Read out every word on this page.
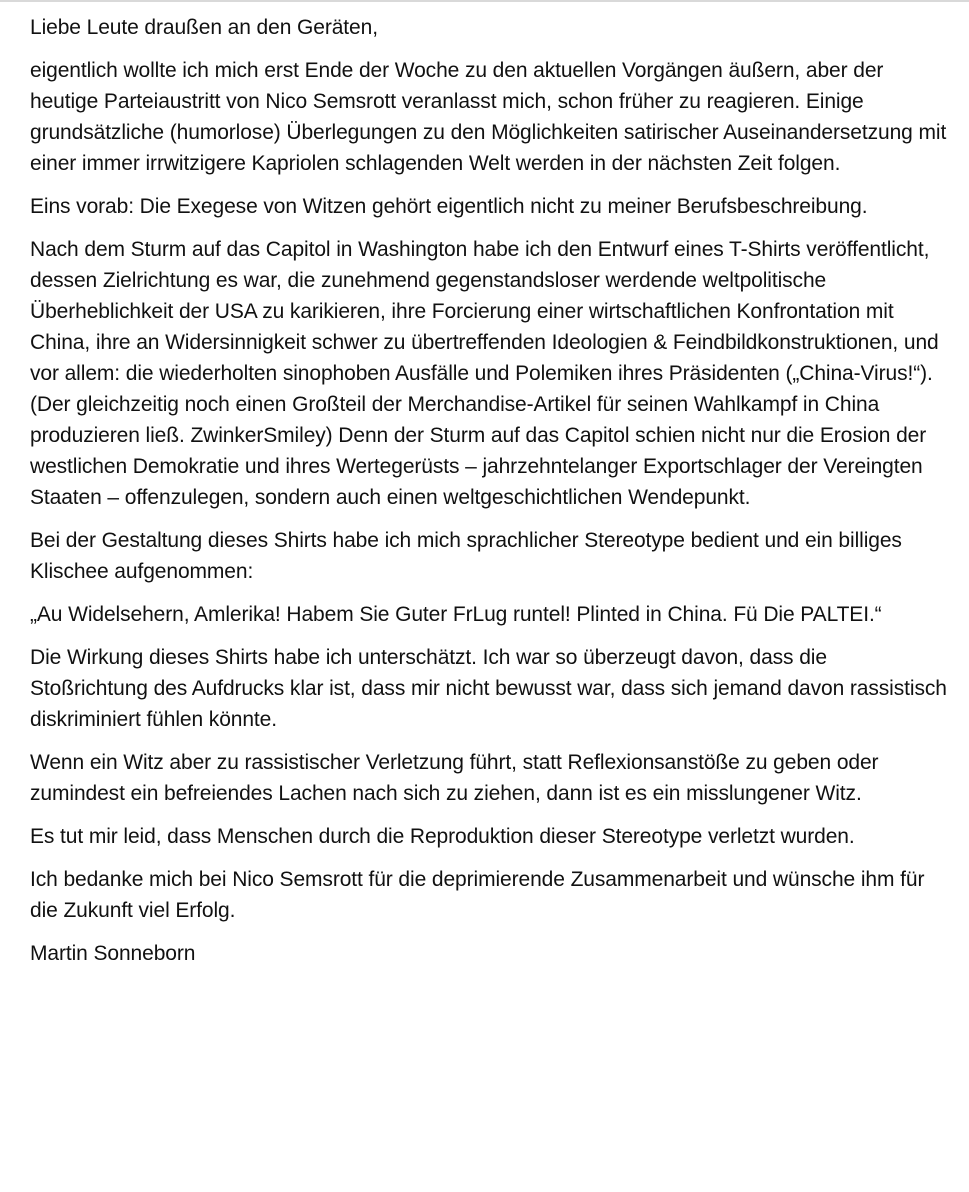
Liebe Leute draußen an den Geräten,

eigentlich wollte ich mich erst Ende der Woche zu den aktuellen Vorgängen äußern, aber der heutige Parteiaustritt von Nico Semsrott veranlasst mich, schon früher zu reagieren. Einige grundsätzliche (humorlose) Überlegungen zu den Möglichkeiten satirischer Auseinandersetzung mit einer immer irrwitzigere Kapriolen schlagenden Welt werden in der nächsten Zeit folgen.

Eins vorab: Die Exegese von Witzen gehört eigentlich nicht zu meiner Berufsbeschreibung.

Nach dem Sturm auf das Capitol in Washington habe ich den Entwurf eines T-Shirts veröffentlicht, dessen Zielrichtung es war, die zunehmend gegenstandsloser werdende weltpolitische Überheblichkeit der USA zu karikieren, ihre Forcierung einer wirtschaftlichen Konfrontation mit China, ihre an Widersinnigkeit schwer zu übertreffenden Ideologien & Feindbildkonstruktionen, und vor allem: die wiederholten sinophoben Ausfälle und Polemiken ihres Präsidenten („China-Virus!“). (Der gleichzeitig noch einen Großteil der Merchandise-Artikel für seinen Wahlkampf in China produzieren ließ. ZwinkerSmiley) Denn der Sturm auf das Capitol schien nicht nur die Erosion der westlichen Demokratie und ihres Wertegerüsts – jahrzehntelanger Exportschlager der Vereingten Staaten – offenzulegen, sondern auch einen weltgeschichtlichen Wendepunkt.

Bei der Gestaltung dieses Shirts habe ich mich sprachlicher Stereotype bedient und ein billiges Klischee aufgenommen:

„Au Widelsehern, Amlerika! Habem Sie Guter FrLug runtel! Plinted in China. Fü Die PALTEI.“

Die Wirkung dieses Shirts habe ich unterschätzt. Ich war so überzeugt davon, dass die Stoßrichtung des Aufdrucks klar ist, dass mir nicht bewusst war, dass sich jemand davon rassistisch diskriminiert fühlen könnte.

Wenn ein Witz aber zu rassistischer Verletzung führt, statt Reflexionsanstößе zu geben oder zumindest ein befreiendes Lachen nach sich zu ziehen, dann ist es ein misslungener Witz.

Es tut mir leid, dass Menschen durch die Reproduktion dieser Stereotype verletzt wurden.

Ich bedanke mich bei Nico Semsrott für die deprimierende Zusammenarbeit und wünsche ihm für die Zukunft viel Erfolg.

Martin Sonneborn
